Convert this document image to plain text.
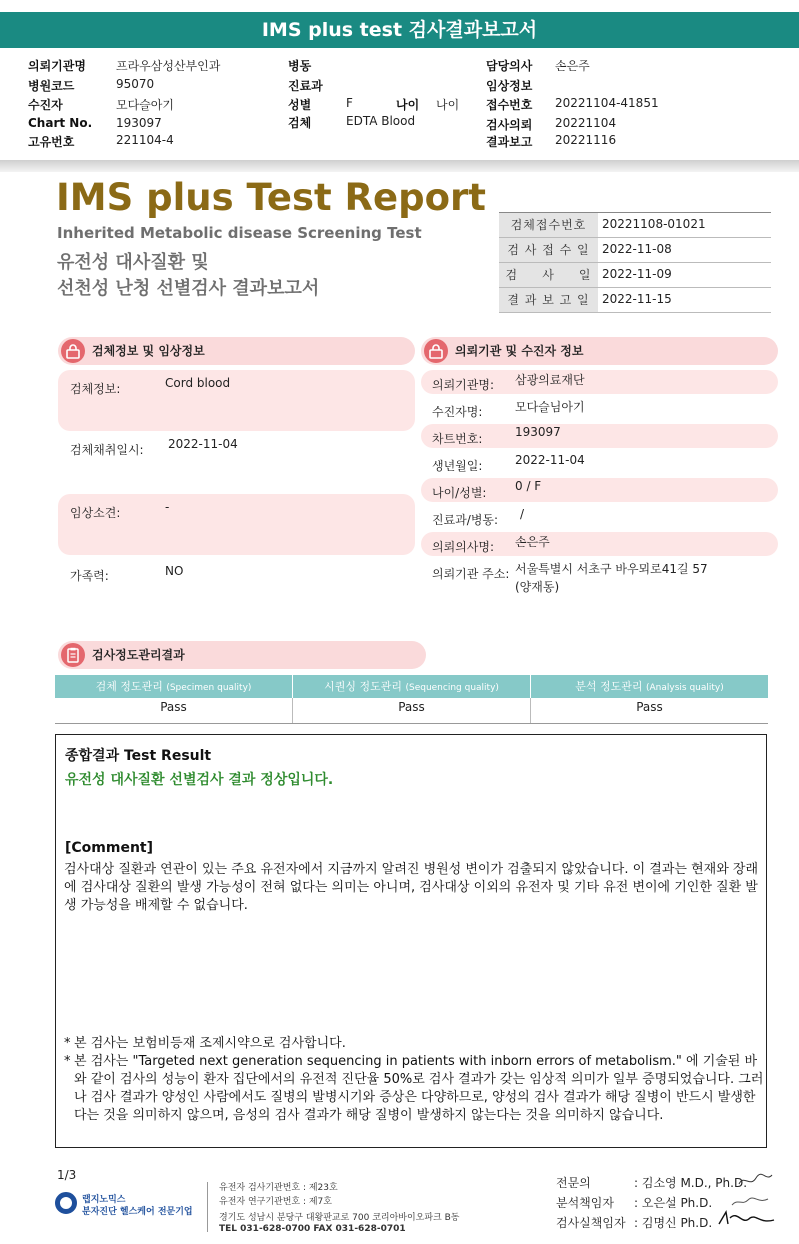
IMS plus test 검사결과보고서
의뢰기관명	프라우삼성산부인과
병원코드	95070
수진자	모다슬아기
Chart No. 193097
고유번호	221104-4
병동
진료과
성별	F	나이 나이
검체	EDTA Blood
담당의사 손은주
임상정보
접수번호 20221104-41851
검사의뢰 20221104
결과보고 20221116
IMS plus Test Report
Inherited Metabolic disease Screening Test
유전성 대사질환 및
선천성 난청 선별검사 결과보고서
검체접수번호	20221108-01021
검 사 접 수 일	2022-11-08
검     사     일 2022-11-09
결 과 보 고 일	2022-11-15
검체정보 및 임상정보
검체정보:	Cord blood
검체채취일시: 2022-11-04
임상소견:	-
가족력:	NO
의뢰기관 및 수진자 정보
의뢰기관명: 삼광의료재단
수진자명:	모다슬님아기
차트번호:	193097
생년월일:	2022-11-04
나이/성별: 0 / F
진료과/병동: /
의뢰의사명: 손은주
의뢰기관 주소: 서울특별시 서초구 바우뫼로41길 57
(양재동)
검사정도관리결과
검체 정도관리 (Specimen quality)	시퀀싱 정도관리 (Sequencing quality)	분석 정도관리 (Analysis quality)
Pass	Pass	Pass
종합결과 Test Result
유전성 대사질환 선별검사 결과 정상입니다.
[Comment]
검사대상 질환과 연관이 있는 주요 유전자에서 지금까지 알려진 병원성 변이가 검출되지 않았습니다. 이 결과는 현재와 장래에 검사대상 질환의 발생 가능성이 전혀 없다는 의미는 아니며, 검사대상 이외의 유전자 및 기타 유전 변이에 기인한 질환 발생 가능성을 배제할 수 없습니다.
* 본 검사는 보험비등재 조제시약으로 검사합니다.
* 본 검사는 "Targeted next generation sequencing in patients with inborn errors of metabolism." 에 기술된 바와 같이 검사의 성능이 환자 집단에서의 유전적 진단율 50%로 검사 결과가 갖는 임상적 의미가 일부 증명되었습니다. 그러나 검사 결과가 양성인 사람에서도 질병의 발병시기와 증상은 다양하므로, 양성의 검사 결과가 해당 질병이 반드시 발생한다는 것을 의미하지 않으며, 음성의 검사 결과가 해당 질병이 발생하지 않는다는 것을 의미하지 않습니다.
1/3
랩지노믹스
분자진단 헬스케어 전문기업
유전자 검사기관번호 : 제23호
유전자 연구기관번호 : 제7호
경기도 성남시 분당구 대왕판교로 700 코리아바이오파크 B동
TEL 031-628-0700 FAX 031-628-0701
전문의	: 김소영 M.D., Ph.D.
분석책임자 : 오은설 Ph.D.
검사실책임자 : 김명신 Ph.D.
